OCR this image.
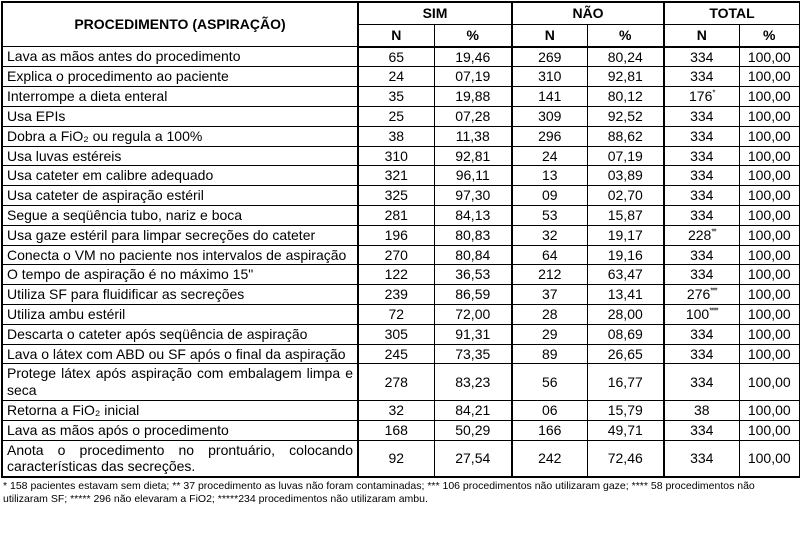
PROCEDIMENTO (ASPIRAÇÃO)	SIM		NÃO		TOTAL	
	N	%	N	%	N	%
Lava as mãos antes do procedimento	65	19,46	269	80,24	334	100,00
Explica o procedimento ao paciente	24	07,19	310	92,81	334	100,00
Interrompe a dieta enteral	35	19,88	141	80,12	176*	100,00
Usa EPIs	25	07,28	309	92,52	334	100,00
Dobra a FiO₂ ou regula a 100%	38	11,38	296	88,62	334	100,00
Usa luvas estéreis	310	92,81	24	07,19	334	100,00
Usa cateter em calibre adequado	321	96,11	13	03,89	334	100,00
Usa cateter de aspiração estéril	325	97,30	09	02,70	334	100,00
Segue a seqüência tubo, nariz e boca	281	84,13	53	15,87	334	100,00
Usa gaze estéril para limpar secreções do cateter	196	80,83	32	19,17	228**	100,00
Conecta o VM no paciente nos intervalos de aspiração	270	80,84	64	19,16	334	100,00
O tempo de aspiração é no máximo 15"	122	36,53	212	63,47	334	100,00
Utiliza SF para fluidificar as secreções	239	86,59	37	13,41	276***	100,00
Utiliza ambu estéril	72	72,00	28	28,00	100****	100,00
Descarta o cateter após seqüência de aspiração	305	91,31	29	08,69	334	100,00
Lava o látex com ABD ou SF após o final da aspiração	245	73,35	89	26,65	334	100,00
Protege látex após aspiração com embalagem limpa e seca	278	83,23	56	16,77	334	100,00
Retorna a FiO₂ inicial	32	84,21	06	15,79	38	100,00
Lava as mãos após o procedimento	168	50,29	166	49,71	334	100,00
Anota o procedimento no prontuário, colocando características das secreções.	92	27,54	242	72,46	334	100,00
* 158 pacientes estavam sem dieta; ** 37 procedimento as luvas não foram contaminadas; *** 106 procedimentos não utilizaram gaze; **** 58 procedimentos não utilizaram SF; ***** 296 não elevaram a FiO2; *****234 procedimentos não utilizaram ambu.
